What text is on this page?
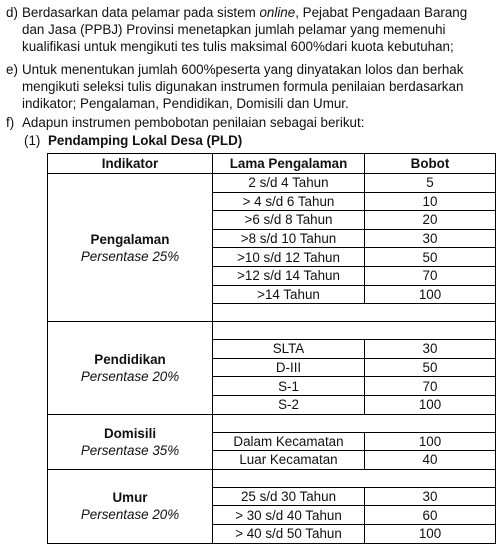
d) Berdasarkan data pelamar pada sistem online, Pejabat Pengadaan Barang
dan Jasa (PPBJ) Provinsi menetapkan jumlah pelamar yang memenuhi
kualifikasi untuk mengikuti tes tulis maksimal 600%dari kuota kebutuhan;
e) Untuk menentukan jumlah 600%peserta yang dinyatakan lolos dan berhak
mengikuti seleksi tulis digunakan instrumen formula penilaian berdasarkan
indikator; Pengalaman, Pendidikan, Domisili dan Umur.
f) Adapun instrumen pembobotan penilaian sebagai berikut:
(1) Pendamping Lokal Desa (PLD)
Indikator	Lama Pengalaman	Bobot

Pengalaman
Persentase 25%	2 s/d 4 Tahun	5
	> 4 s/d 6 Tahun	10
	>6 s/d 8 Tahun	20
	>8 s/d 10 Tahun	30
	>10 s/d 12 Tahun	50
	>12 s/d 14 Tahun	70
	>14 Tahun	100

Pendidikan
Persentase 20%		

	SLTA	30
	D-III	50
	S-1	70
	S-2	100

Domisili
Persentase 35%		

	Dalam Kecamatan	100
	Luar Kecamatan	40

Umur
Persentase 20%		

	25 s/d 30 Tahun	30
	> 30 s/d 40 Tahun	60
	> 40 s/d 50 Tahun	100
